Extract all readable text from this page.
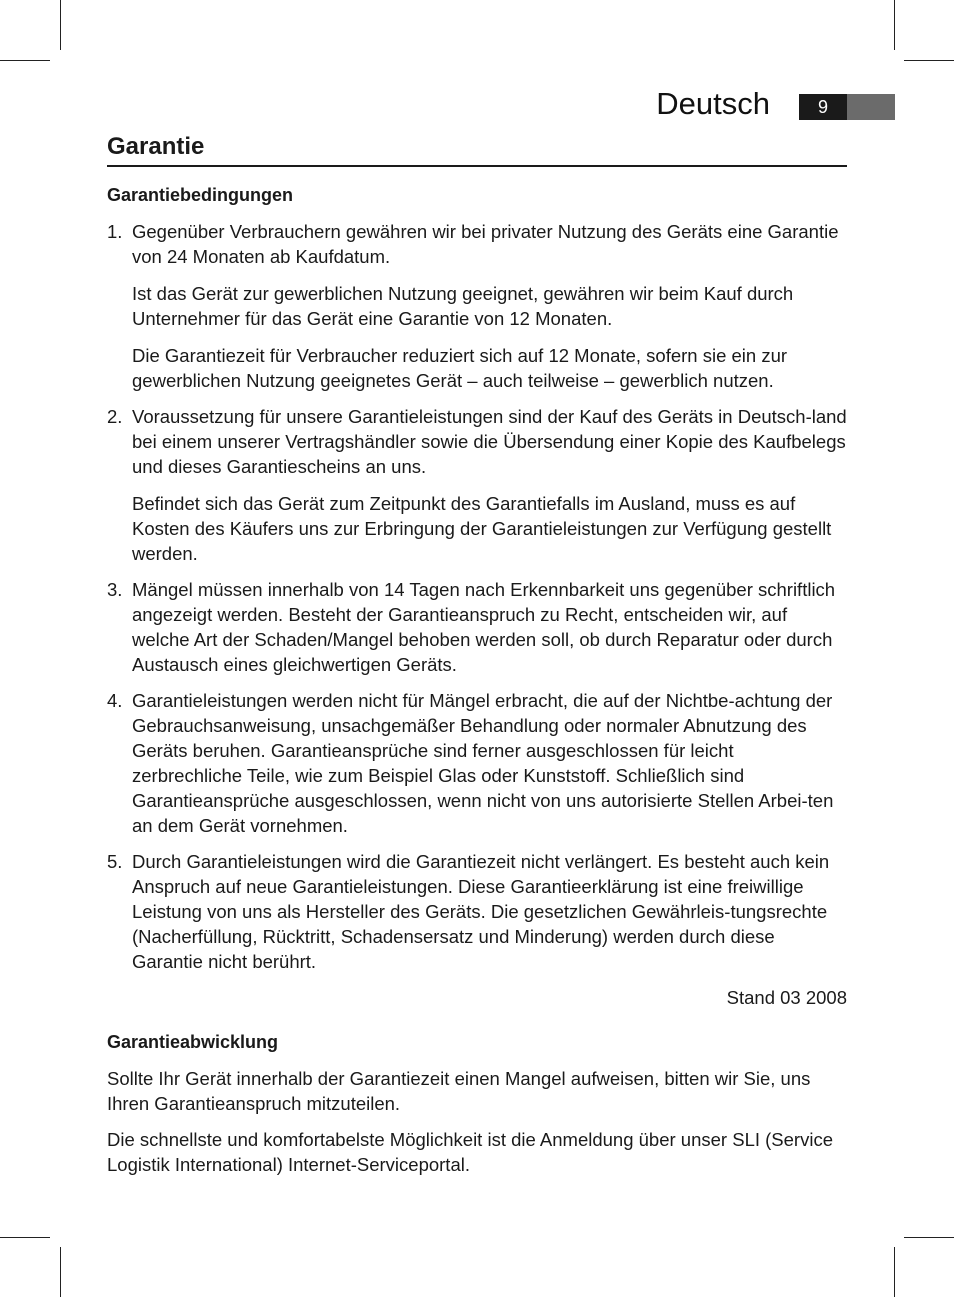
Deutsch	9
Garantie
Garantiebedingungen
1. Gegenüber Verbrauchern gewähren wir bei privater Nutzung des Geräts eine Garantie von 24 Monaten ab Kaufdatum.

Ist das Gerät zur gewerblichen Nutzung geeignet, gewähren wir beim Kauf durch Unternehmer für das Gerät eine Garantie von 12 Monaten.

Die Garantiezeit für Verbraucher reduziert sich auf 12 Monate, sofern sie ein zur gewerblichen Nutzung geeignetes Gerät – auch teilweise – gewerblich nutzen.

2. Voraussetzung für unsere Garantieleistungen sind der Kauf des Geräts in Deutsch-land bei einem unserer Vertragshändler sowie die Übersendung einer Kopie des Kaufbelegs und dieses Garantiescheins an uns.

Befindet sich das Gerät zum Zeitpunkt des Garantiefalls im Ausland, muss es auf Kosten des Käufers uns zur Erbringung der Garantieleistungen zur Verfügung gestellt werden.

3. Mängel müssen innerhalb von 14 Tagen nach Erkennbarkeit uns gegenüber schriftlich angezeigt werden. Besteht der Garantieanspruch zu Recht, entscheiden wir, auf welche Art der Schaden/Mangel behoben werden soll, ob durch Reparatur oder durch Austausch eines gleichwertigen Geräts.

4. Garantieleistungen werden nicht für Mängel erbracht, die auf der Nichtbe-achtung der Gebrauchsanweisung, unsachgemäßer Behandlung oder normaler Abnutzung des Geräts beruhen. Garantieansprüche sind ferner ausgeschlossen für leicht zerbrechliche Teile, wie zum Beispiel Glas oder Kunststoff. Schließlich sind Garantieansprüche ausgeschlossen, wenn nicht von uns autorisierte Stellen Arbei-ten an dem Gerät vornehmen.

5. Durch Garantieleistungen wird die Garantiezeit nicht verlängert. Es besteht auch kein Anspruch auf neue Garantieleistungen. Diese Garantieerklärung ist eine freiwillige Leistung von uns als Hersteller des Geräts. Die gesetzlichen Gewährleis-tungsrechte (Nacherfüllung, Rücktritt, Schadensersatz und Minderung) werden durch diese Garantie nicht berührt.

Stand 03 2008

Garantieabwicklung

Sollte Ihr Gerät innerhalb der Garantiezeit einen Mangel aufweisen, bitten wir Sie, uns Ihren Garantieanspruch mitzuteilen.

Die schnellste und komfortabelste Möglichkeit ist die Anmeldung über unser SLI (Service Logistik International) Internet-Serviceportal.
